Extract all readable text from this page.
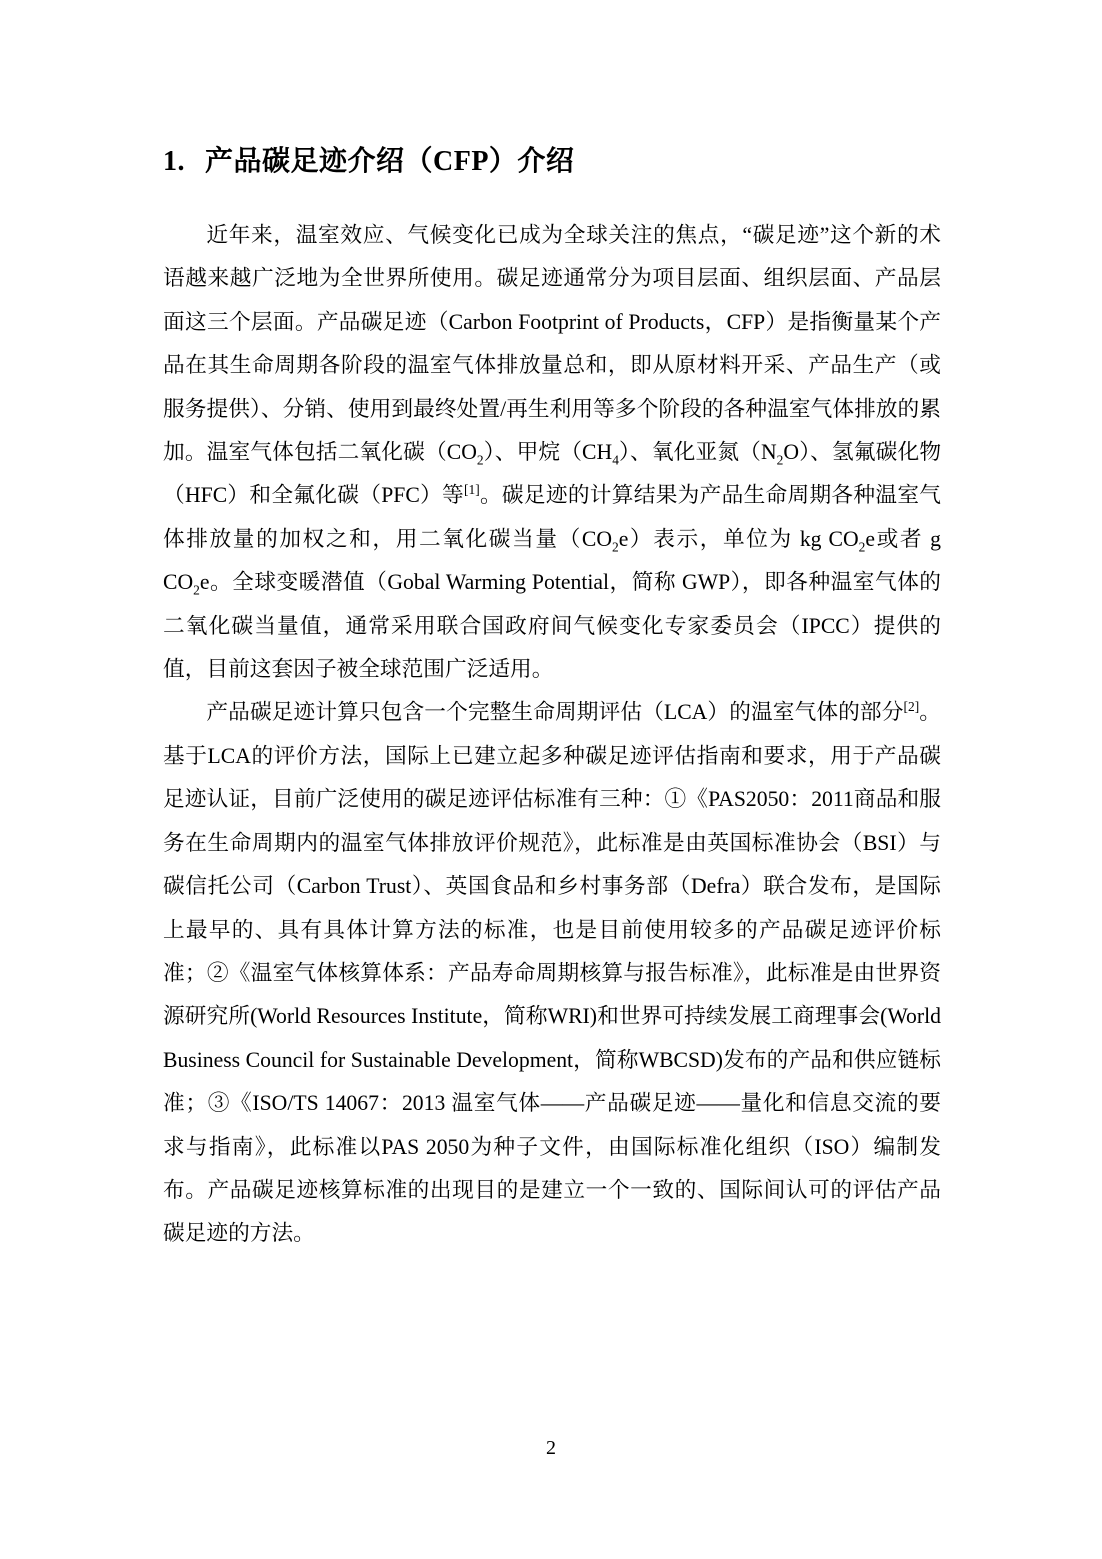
1. 产品碳足迹介绍（CFP）介绍

近年来，温室效应、气候变化已成为全球关注的焦点，“碳足迹”这个新的术语越来越广泛地为全世界所使用。碳足迹通常分为项目层面、组织层面、产品层面这三个层面。产品碳足迹（Carbon Footprint of Products，CFP）是指衡量某个产品在其生命周期各阶段的温室气体排放量总和，即从原材料开采、产品生产（或服务提供）、分销、使用到最终处置/再生利用等多个阶段的各种温室气体排放的累加。温室气体包括二氧化碳$(CO_2)$、甲烷$(CH_4)$、氧化亚氮$(N_2O)$、氢氟碳化物（HFC）和全氟化碳（PFC）等[1]。碳足迹的计算结果为产品生命周期各种温室气体排放量的加权之和，用二氧化碳当量$(CO_2e)$表示，单位为 kg $CO_2e$或者 g $CO_2e$。全球变暖潜值（Gobal Warming Potential，简称 GWP），即各种温室气体的二氧化碳当量值，通常采用联合国政府间气候变化专家委员会（IPCC）提供的值，目前这套因子被全球范围广泛适用。

产品碳足迹计算只包含一个完整生命周期评估（LCA）的温室气体的部分[2]。基于LCA的评价方法，国际上已建立起多种碳足迹评估指南和要求，用于产品碳足迹认证，目前广泛使用的碳足迹评估标准有三种：①《PAS2050：2011商品和服务在生命周期内的温室气体排放评价规范》，此标准是由英国标准协会（BSI）与碳信托公司（Carbon Trust）、英国食品和乡村事务部（Defra）联合发布，是国际上最早的、具有具体计算方法的标准，也是目前使用较多的产品碳足迹评价标准；②《温室气体核算体系：产品寿命周期核算与报告标准》，此标准是由世界资源研究所(World Resources Institute，简称WRI)和世界可持续发展工商理事会(World Business Council for Sustainable Development，简称WBCSD)发布的产品和供应链标准；③《ISO/TS 14067：2013 温室气体——产品碳足迹——量化和信息交流的要求与指南》，此标准以PAS 2050为种子文件，由国际标准化组织（ISO）编制发布。产品碳足迹核算标准的出现目的是建立一个一致的、国际间认可的评估产品碳足迹的方法。

2
